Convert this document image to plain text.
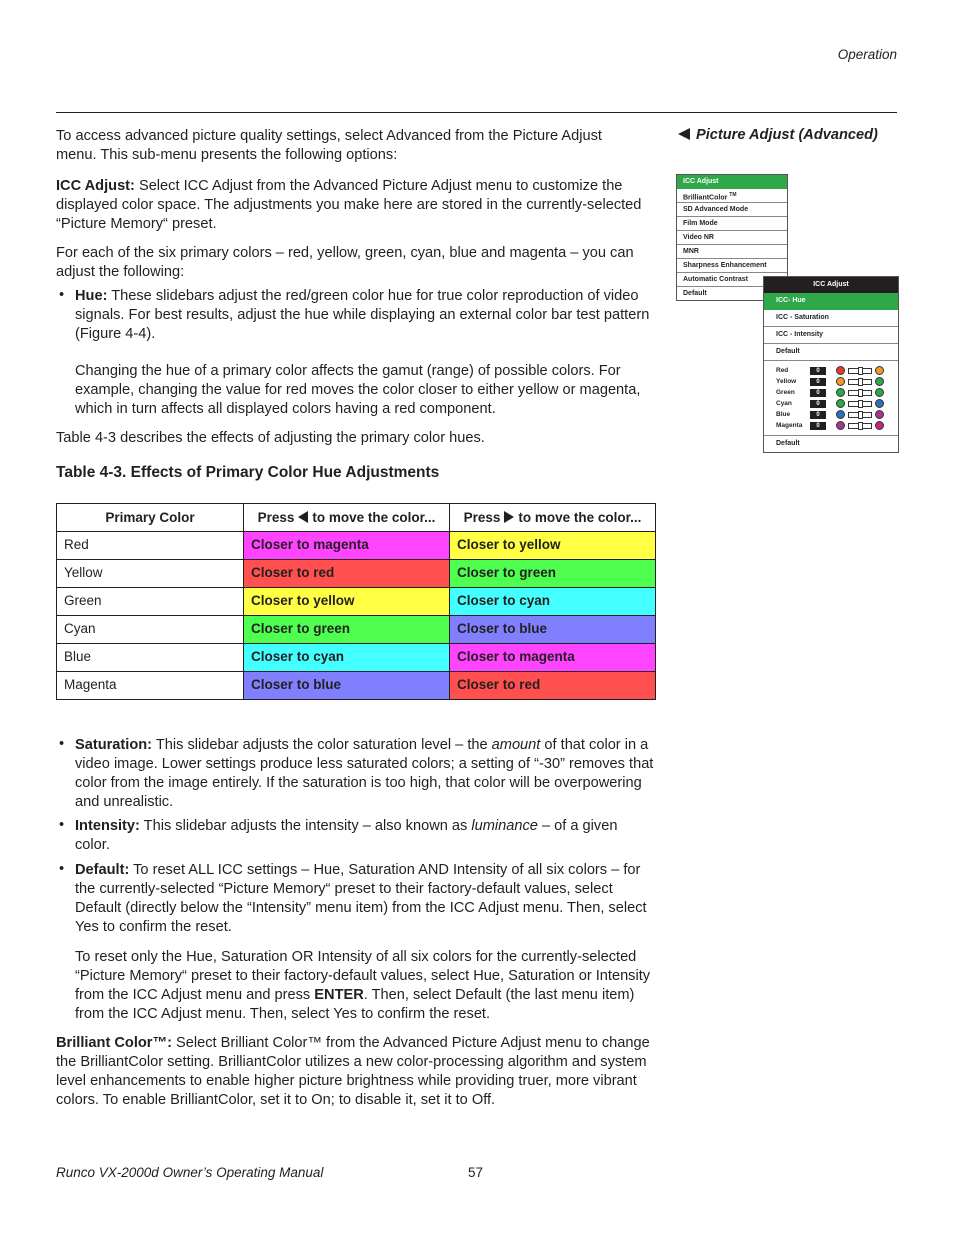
Operation

To access advanced picture quality settings, select Advanced from the Picture Adjust menu. This sub-menu presents the following options:

ICC Adjust: Select ICC Adjust from the Advanced Picture Adjust menu to customize the displayed color space. The adjustments you make here are stored in the currently-selected “Picture Memory“ preset.

For each of the six primary colors – red, yellow, green, cyan, blue and magenta – you can adjust the following:

• Hue: These slidebars adjust the red/green color hue for true color reproduction of video signals. For best results, adjust the hue while displaying an external color bar test pattern (Figure 4-4).

Changing the hue of a primary color affects the gamut (range) of possible colors. For example, changing the value for red moves the color closer to either yellow or magenta, which in turn affects all displayed colors having a red component.

Table 4-3 describes the effects of adjusting the primary color hues.

Table 4-3. Effects of Primary Color Hue Adjustments
Primary Color	Press to move the color...	Press to move the color...
Red	Closer to magenta	Closer to yellow
Yellow	Closer to red	Closer to green
Green	Closer to yellow	Closer to cyan
Cyan	Closer to green	Closer to blue
Blue	Closer to cyan	Closer to magenta
Magenta	Closer to blue	Closer to red
• Saturation: This slidebar adjusts the color saturation level – the amount of that color in a video image. Lower settings produce less saturated colors; a setting of “-30” removes that color from the image entirely. If the saturation is too high, that color will be overpowering and unrealistic.

• Intensity: This slidebar adjusts the intensity – also known as luminance – of a given color.

• Default: To reset ALL ICC settings – Hue, Saturation AND Intensity of all six colors – for the currently-selected “Picture Memory“ preset to their factory-default values, select Default (directly below the “Intensity” menu item) from the ICC Adjust menu. Then, select Yes to confirm the reset.

To reset only the Hue, Saturation OR Intensity of all six colors for the currently-selected “Picture Memory“ preset to their factory-default values, select Hue, Saturation or Intensity from the ICC Adjust menu and press ENTER. Then, select Default (the last menu item) from the ICC Adjust menu. Then, select Yes to confirm the reset.

Brilliant Color™: Select Brilliant Color™ from the Advanced Picture Adjust menu to change the BrilliantColor setting. BrilliantColor utilizes a new color-processing algorithm and system level enhancements to enable higher picture brightness while providing truer, more vibrant colors. To enable BrilliantColor, set it to On; to disable it, set it to Off.

Picture Adjust (Advanced)
ICC Adjust
BrilliantColor ™
SD Advanced Mode
Film Mode
Video NR
MNR
Sharpness Enhancement
Automatic Contrast
Default
ICC Adjust
ICC- Hue
ICC - Saturation
ICC - Intensity
Default
Red	0
Yellow	0
Green	0
Cyan	0
Blue	0
Magenta	0
Default
Runco VX-2000d Owner’s Operating Manual	57
